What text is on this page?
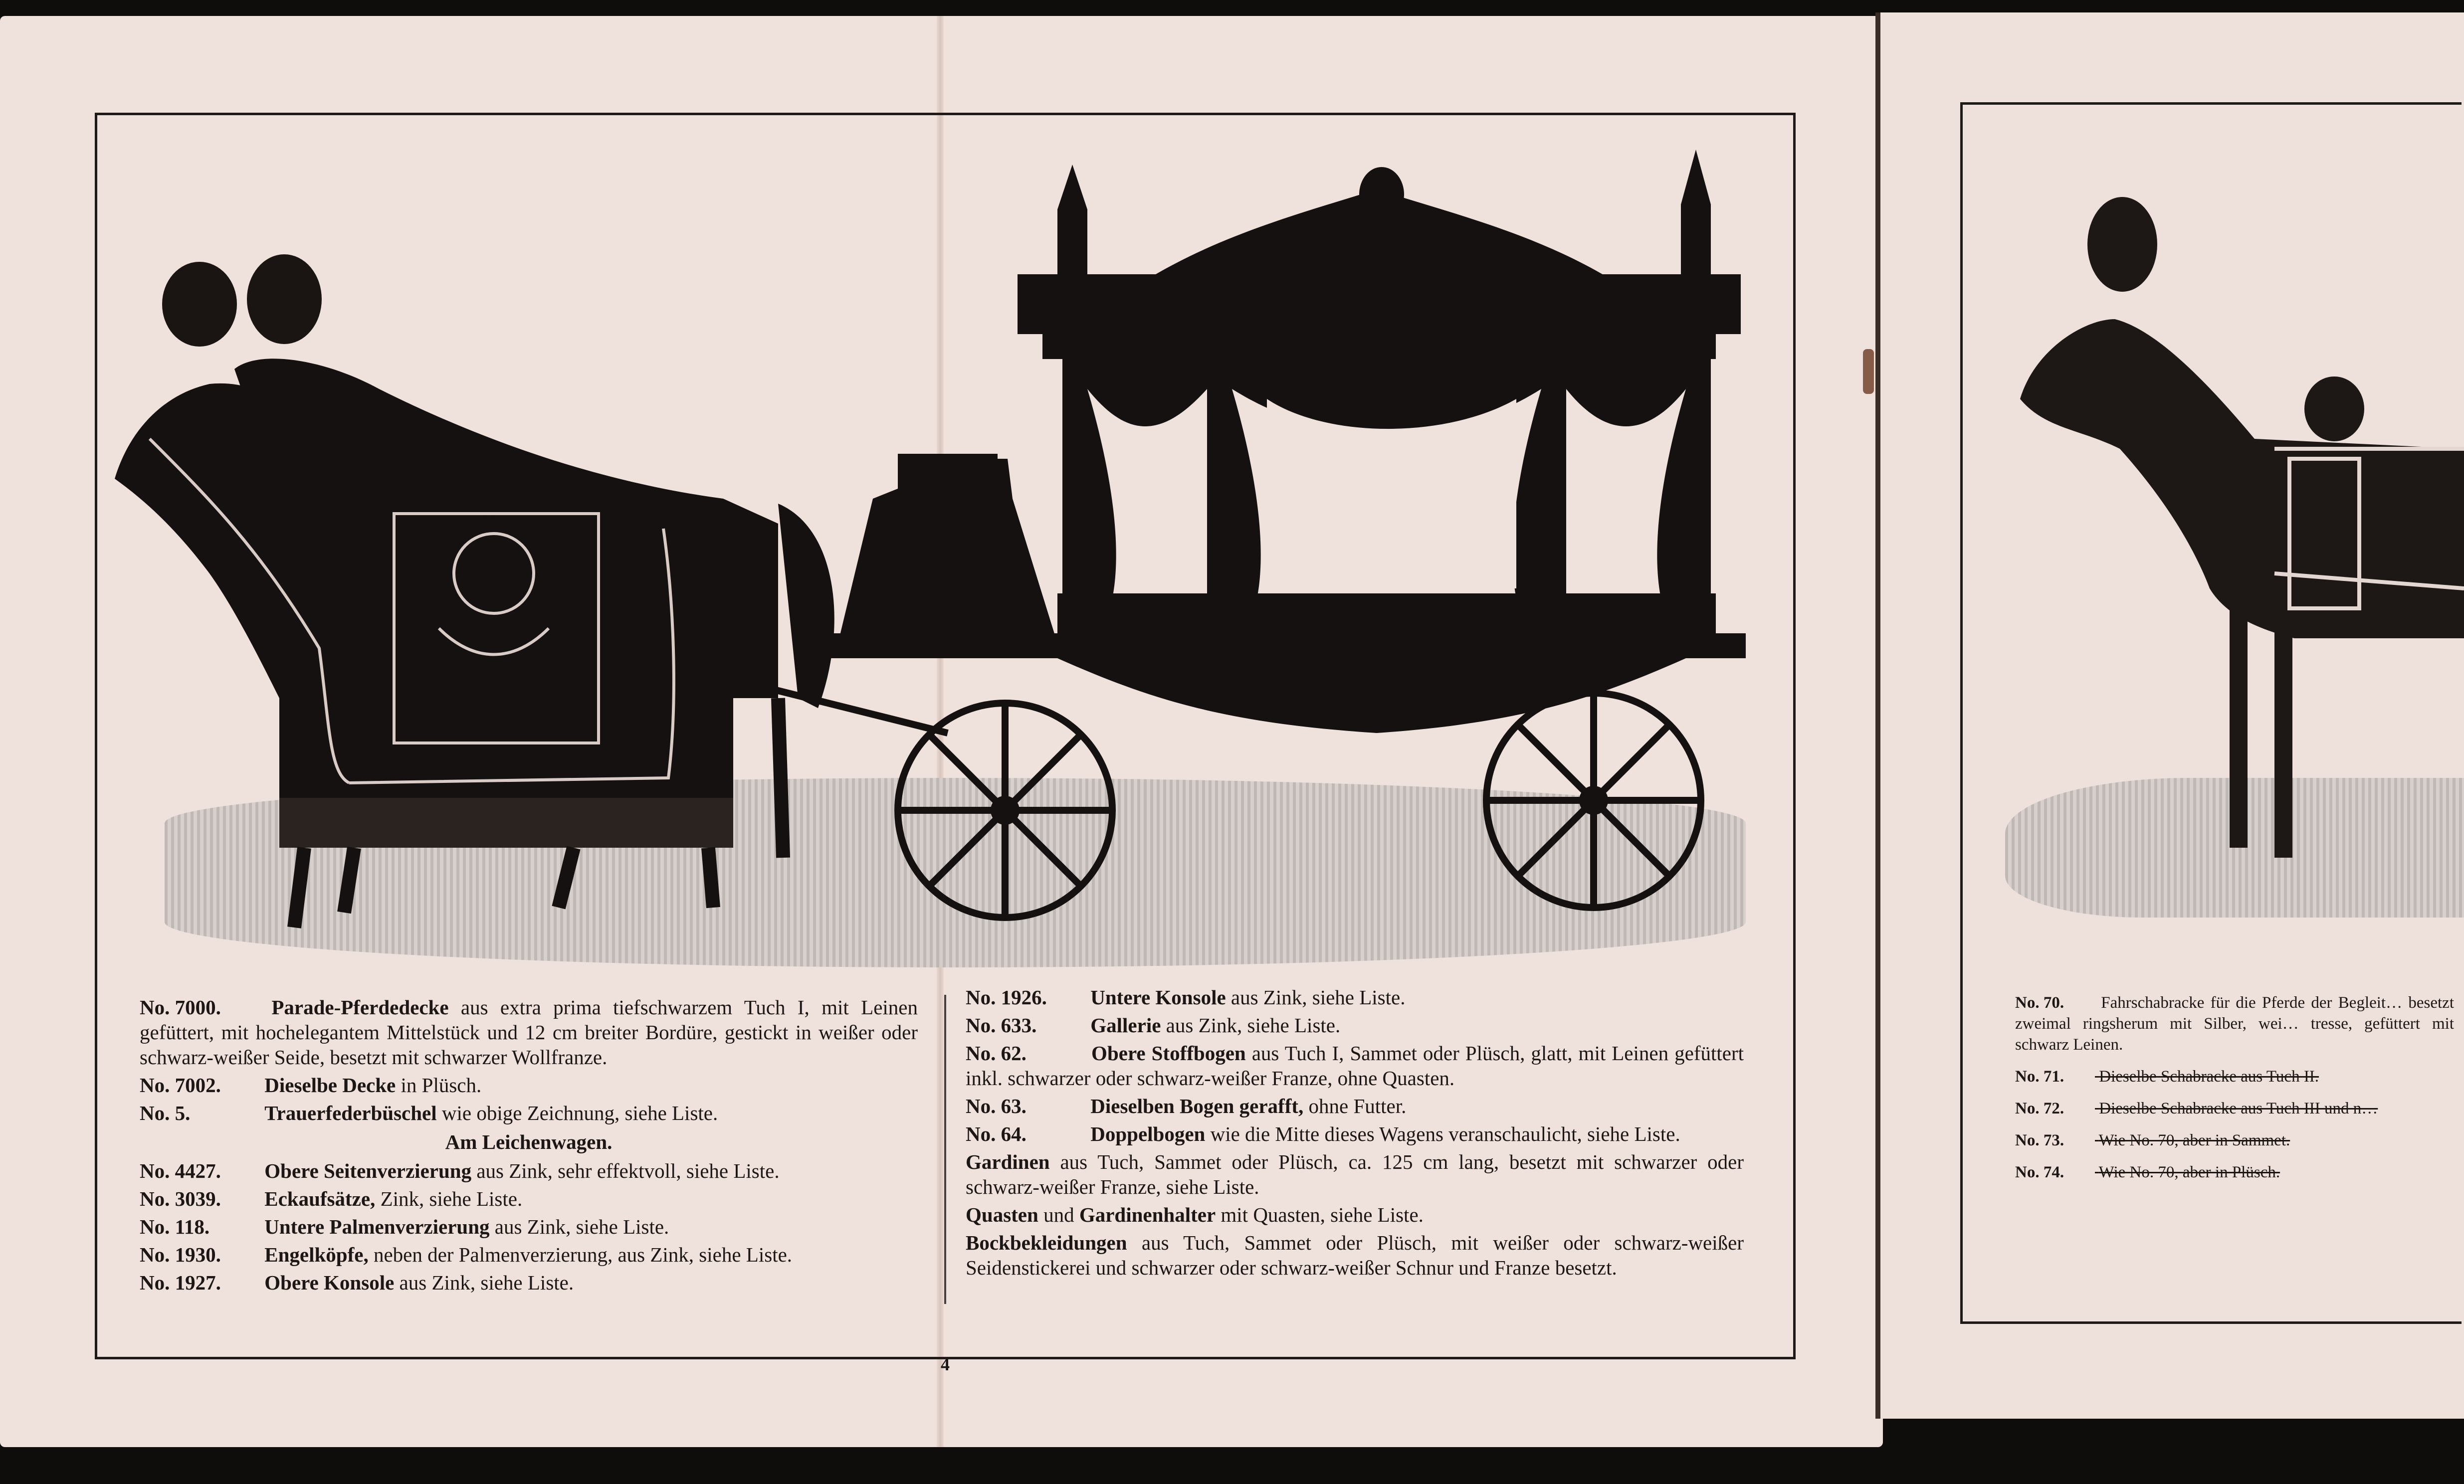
No. 7000. Parade-Pferdedecke aus extra prima tiefschwarzem Tuch I, mit Leinen gefüttert, mit hochelegantem Mittelstück und 12 cm breiter Bordüre, gestickt in weißer oder schwarz-weißer Seide, besetzt mit schwarzer Wollfranze.

No. 7002. Dieselbe Decke in Plüsch.

No. 5.	Trauerfederbüschel wie obige Zeichnung, siehe Liste.

Am Leichenwagen.

No. 4427. Obere Seitenverzierung aus Zink, sehr effektvoll, siehe Liste.

No. 3039. Eckaufsätze, Zink, siehe Liste.

No. 118.	Untere Palmenverzierung aus Zink, siehe Liste.

No. 1930. Engelköpfe, neben der Palmenverzierung, aus Zink, siehe Liste.

No. 1927. Obere Konsole aus Zink, siehe Liste.

No. 1926. Untere Konsole aus Zink, siehe Liste.

No. 633.	Gallerie aus Zink, siehe Liste.

No. 62.	Obere Stoffbogen aus Tuch I, Sammet oder Plüsch, glatt, mit Leinen gefüttert inkl. schwarzer oder schwarz-weißer Franze, ohne Quasten.

No. 63.	Dieselben Bogen gerafft, ohne Futter.

No. 64.	Doppelbogen wie die Mitte dieses Wagens veranschaulicht, siehe Liste.

Gardinen aus Tuch, Sammet oder Plüsch, ca. 125 cm lang, besetzt mit schwarzer oder schwarz-weißer Franze, siehe Liste.

Quasten und Gardinenhalter mit Quasten, siehe Liste.

Bockbekleidungen aus Tuch, Sammet oder Plüsch, mit weißer oder schwarz-weißer Seidenstickerei und schwarzer oder schwarz-weißer Schnur und Franze besetzt.

4

No. 70. Fahrschabracke für die Pferde der Begleit… besetzt zweimal ringsherum mit Silber, wei… tresse, gefüttert mit schwarz Leinen.

No. 71. Dieselbe Schabracke aus Tuch II.

No. 72. Dieselbe Schabracke aus Tuch III und n…

No. 73. Wie No. 70, aber in Sammet.

No. 74. Wie No. 70, aber in Plüsch.
